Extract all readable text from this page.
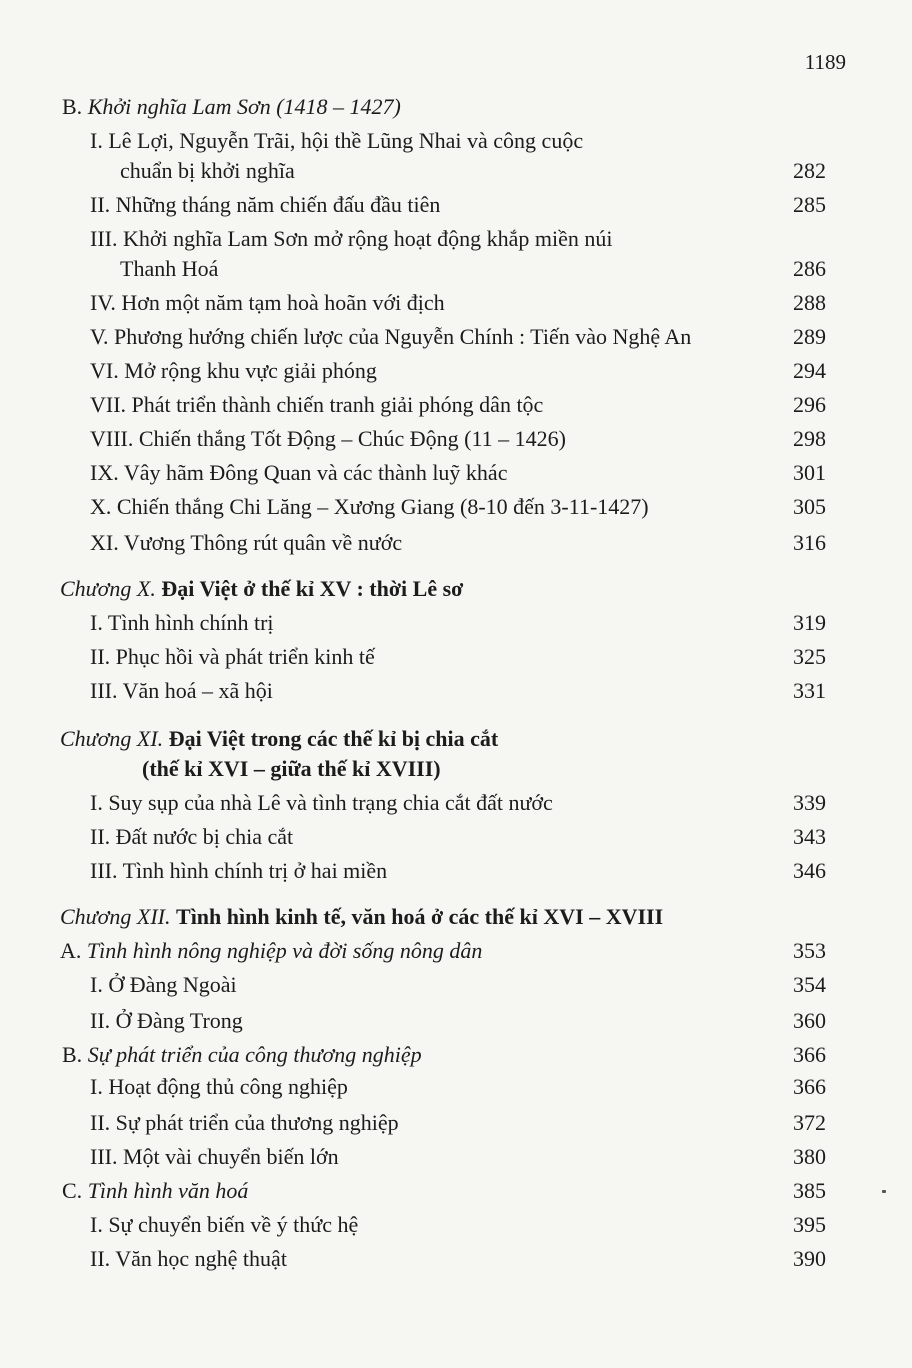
1189
B. Khởi nghĩa Lam Sơn (1418 – 1427)
I. Lê Lợi, Nguyễn Trãi, hội thề Lũng Nhai và công cuộc
chuẩn bị khởi nghĩa	282
II. Những tháng năm chiến đấu đầu tiên	285
III. Khởi nghĩa Lam Sơn mở rộng hoạt động khắp miền núi
Thanh Hoá	286
IV. Hơn một năm tạm hoà hoãn với địch	288
V. Phương hướng chiến lược của Nguyễn Chính : Tiến vào Nghệ An	289
VI. Mở rộng khu vực giải phóng	294
VII. Phát triển thành chiến tranh giải phóng dân tộc	296
VIII. Chiến thắng Tốt Động – Chúc Động (11 – 1426)	298
IX. Vây hãm Đông Quan và các thành luỹ khác	301
X. Chiến thắng Chi Lăng – Xương Giang (8-10 đến 3-11-1427)	305
XI. Vương Thông rút quân về nước	316
Chương X. Đại Việt ở thế kỉ XV : thời Lê sơ
I. Tình hình chính trị	319
II. Phục hồi và phát triển kinh tế	325
III. Văn hoá – xã hội	331
Chương XI. Đại Việt trong các thế kỉ bị chia cắt
(thế kỉ XVI – giữa thế kỉ XVIII)
I. Suy sụp của nhà Lê và tình trạng chia cắt đất nước	339
II. Đất nước bị chia cắt	343
III. Tình hình chính trị ở hai miền	346
Chương XII. Tình hình kinh tế, văn hoá ở các thế kỉ XVI – XVIII
A. Tình hình nông nghiệp và đời sống nông dân	353
I. Ở Đàng Ngoài	354
II. Ở Đàng Trong	360
B. Sự phát triển của công thương nghiệp	366
I. Hoạt động thủ công nghiệp	366
II. Sự phát triển của thương nghiệp	372
III. Một vài chuyển biến lớn	380
C. Tình hình văn hoá	385
I. Sự chuyển biến về ý thức hệ	395
II. Văn học nghệ thuật	390
